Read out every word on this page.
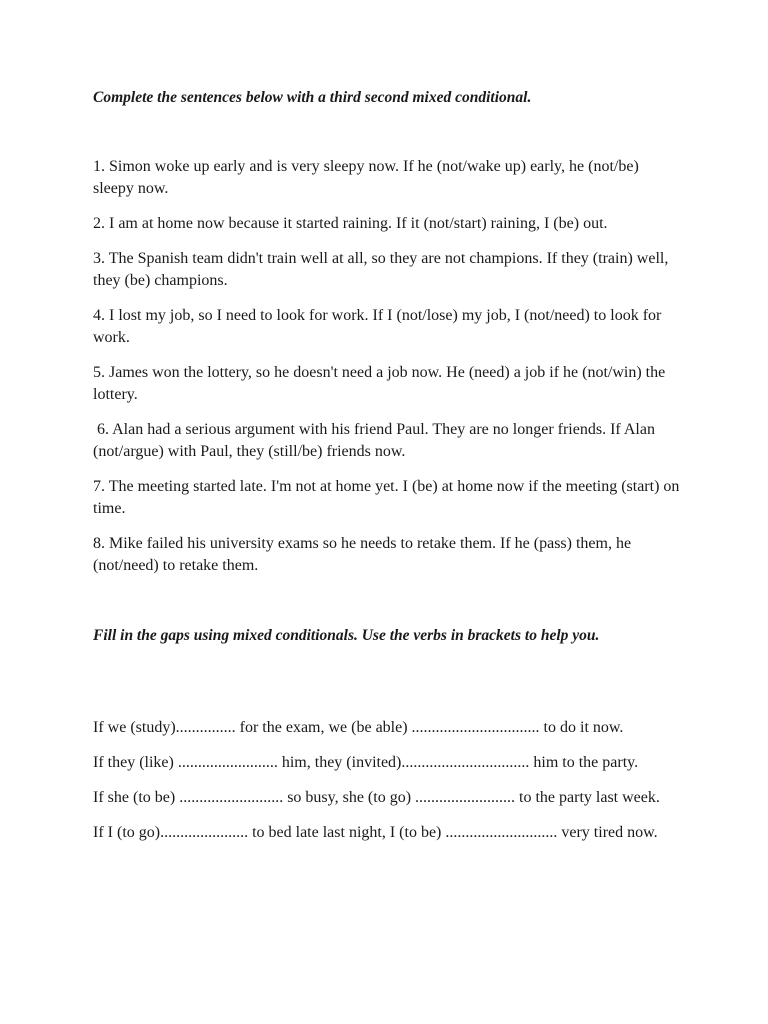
Complete the sentences below with a third second mixed conditional.

1. Simon woke up early and is very sleepy now. If he (not/wake up) early, he (not/be) sleepy now.

2. I am at home now because it started raining. If it (not/start) raining, I (be) out.

3. The Spanish team didn't train well at all, so they are not champions. If they (train) well, they (be) champions.

4. I lost my job, so I need to look for work. If I (not/lose) my job, I (not/need) to look for work.

5. James won the lottery, so he doesn't need a job now. He (need) a job if he (not/win) the lottery.

6. Alan had a serious argument with his friend Paul. They are no longer friends. If Alan (not/argue) with Paul, they (still/be) friends now.

7. The meeting started late. I'm not at home yet. I (be) at home now if the meeting (start) on time.

8. Mike failed his university exams so he needs to retake them. If he (pass) them, he (not/need) to retake them.

Fill in the gaps using mixed conditionals. Use the verbs in brackets to help you.

If we (study)............... for the exam, we (be able) ................................ to do it now.

If they (like) ......................... him, they (invited)................................ him to the party.

If she (to be) .......................... so busy, she (to go) ......................... to the party last week.

If I (to go)...................... to bed late last night, I (to be) ............................ very tired now.
